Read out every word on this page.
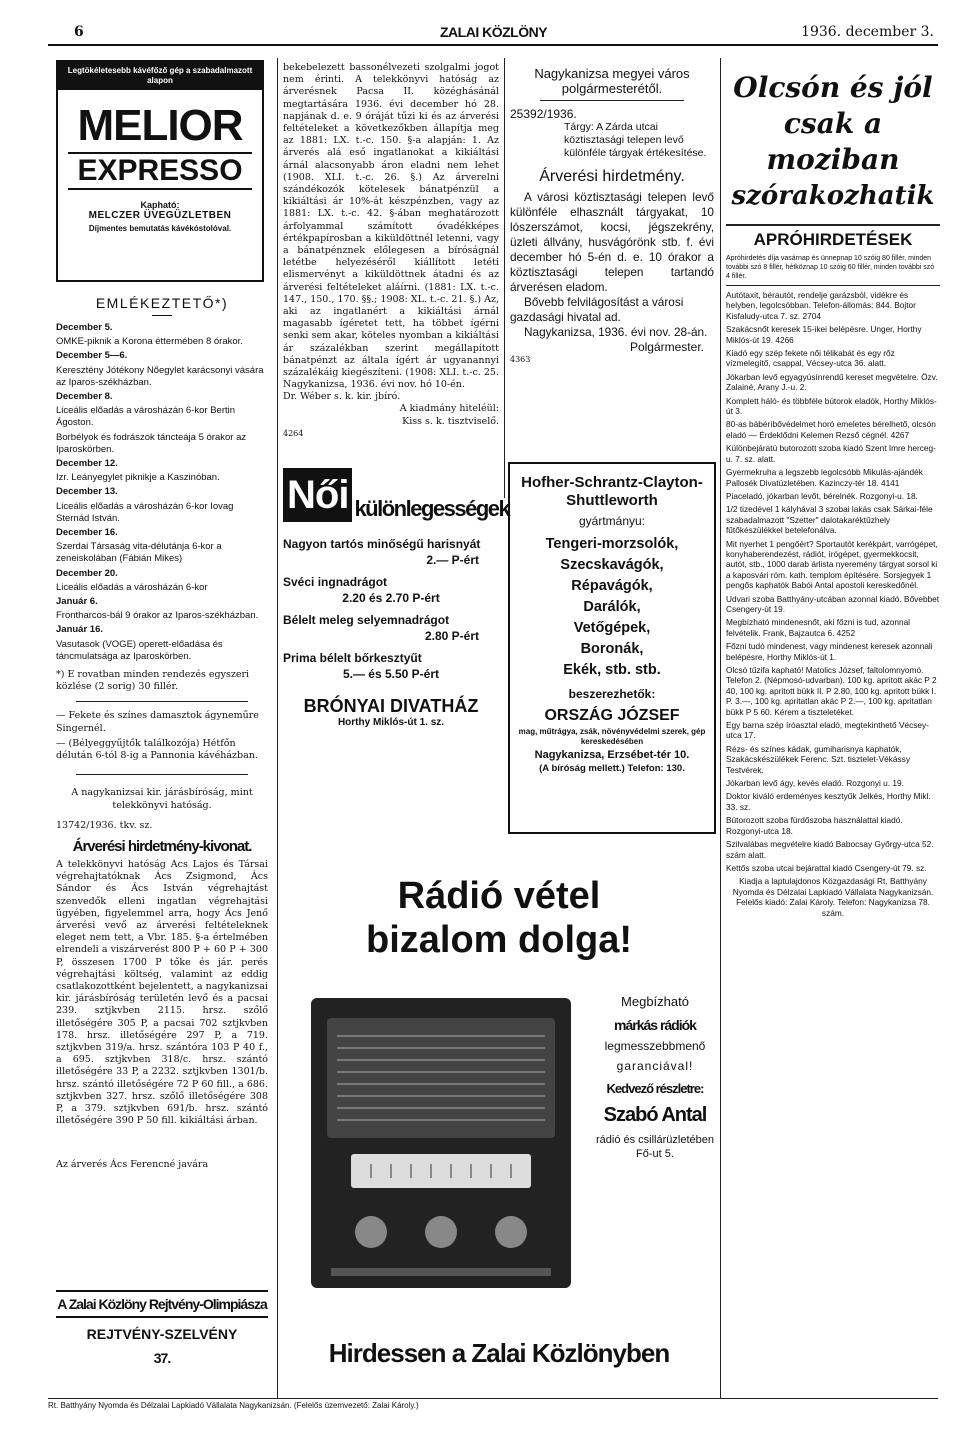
6	ZALAI KÖZLÖNY	1936. december 3.
Legtökéletesebb kávéfőző gép a szabadalmazott alapon
MELIOR
EXPRESSO
Kapható:
MELCZER ÜVEGÜZLETBEN
Díjmentes bemutatás kávékóstolóval.
EMLÉKEZTETŐ*)

December 5.

OMKE-piknik a Korona éttermében 8 órakor.

December 5—6.

Keresztény Jótékony Nőegylet karácsonyi vására az Iparos-székházban.

December 8.

Liceális előadás a városházán 6-kor Bertin Ágoston.

Borbélyok és fodrászok táncteája 5 órakor az Iparoskörben.

December 12.

Izr. Leányegylet piknikje a Kaszinóban.

December 13.

Liceális előadás a városházán 6-kor Iovag Sternád István.

December 16.

Szerdai Társaság vita-délutánja 6-kor a zeneiskolában (Fábián Mikes)

December 20.

Liceális előadás a városházán 6-kor

Január 6.

Frontharcos-bál 9 órakor az Iparos-székházban.

Január 16.

Vasutasok (VOGE) operett-előadása és táncmulatsága az Iparoskörben.

*) E rovatban minden rendezés egyszeri közlése (2 sorig) 30 fillér.

— Fekete és színes damasztok ágyneműre Singernél.

— (Bélyeggyűjtők találkozója) Hétfőn délután 6-tól 8-ig a Pannonia kávéházban.

A nagykanizsai kir. járásbíróság, mint telekkönyvi hatóság.

13742/1936. tkv. sz.

Árverési hirdetmény-kivonat.

A telekkönyvi hatóság Ács Lajos és Társai végrehajtatóknak Ács Zsigmond, Ács Sándor és Ács István végrehajtást szenvedők elleni ingatlan végrehajtási ügyében, figyelemmel arra, hogy Ács Jenő árverési vevő az árverési feltételeknek eleget nem tett, a Vbr. 185. §-a értelmében elrendeli a viszárverést 800 P + 60 P + 300 P, összesen 1700 P tőke és jár. perés végrehajtási költség, valamint az eddig csatlakozottként bejelentett, a nagykanizsai kir. járásbíróság területén levő és a pacsai 239. sztjkvben 2115. hrsz. szőlő illetőségére 305 P, a pacsai 702 sztjkvben 178. hrsz. illetőségére 297 P, a 719. sztjkvben 319/a. hrsz. szántóra 103 P 40 f., a 695. sztjkvben 318/c. hrsz. szántó illetőségére 33 P, a 2232. sztjkvben 1301/b. hrsz. szántó illetőségére 72 P 60 fill., a 686. sztjkvben 327. hrsz. szőlő illetőségére 308 P, a 379. sztjkvben 691/b. hrsz. szántó illetőségére 390 P 50 fill. kikiáltási árban.

Az árverés Ács Ferencné javára

A Zalai Közlöny Rejtvény-Olimpiásza
REJTVÉNY-SZELVÉNY
37.

bekebelezett bassonélvezeti szolgalmi jogot nem érinti. A telekkönyvi hatóság az árverésnek Pacsa II. közéghásánál megtartására 1936. évi december hó 28. napjának d. e. 9 óráját tűzi ki és az árverési feltételeket a következőkben állapítja meg az 1881: LX. t.-c. 150. §-a alapján: 1. Az árverés alá eső ingatlanokat a kikiáltási árnál alacsonyabb áron eladni nem lehet (1908. XLI. t.-c. 26. §.) Az árverelni szándékozók kötelesek bánatpénzül a kikiáltási ár 10%-át készpénzben, vagy az 1881: LX. t.-c. 42. §-ában meghatározott árfolyammal számított óvadékképes értékpapírosban a kiküldöttnél letenni, vagy a bánatpénznek előlegesen a bíróságnál letétbe helyezéséről kiállított letéti elismervényt a kiküldöttnek átadni és az árverési feltételeket aláírni. (1881: LX. t.-c. 147., 150., 170. §§.; 1908: XL. t.-c. 21. §.) Az, aki az ingatlanért a kikiáltási árnál magasabb ígéretet tett, ha többet ígérni senki sem akar, köteles nyomban a kikiáltási ár százalékban szerint megállapított bánatpénzt az általa ígért ár ugyanannyi százalékáig kiegészíteni. (1908: XLI. t.-c. 25.

Nagykanizsa, 1936. évi nov. hó 10-én.

Dr. Wéber s. k. kir. jbíró.

A kiadmány hiteléül:

Kiss s. k. tisztviselő.

4264

Nagykanizsa megyei város polgármesterétől.

25392/1936.

Tárgy: A Zárda utcai köztisztasági telepen levő különféle tárgyak értékesítése.

Árverési hirdetmény.

A városi köztisztasági telepen levő különféle elhasznált tárgyakat, 10 lószerszámot, kocsi, jégszekrény, üzleti állvány, husvágórönk stb. f. évi december hó 5-én d. e. 10 órakor a köztisztasági telepen tartandó árverésen eladom.

Bővebb felvilágosítást a városi gazdasági hivatal ad.

Nagykanizsa, 1936. évi nov. 28-án.

Polgármester.

4363

Női különlegességek

Nagyon tartós minőségű harisnyát

2.— P-ért

Svéci ingnadrágot

2.20 és 2.70 P-ért

Bélelt meleg selyemnadrágot

2.80 P-ért

Prima bélelt bőrkesztyűt

5.— és 5.50 P-ért

BRÓNYAI DIVATHÁZ

Horthy Miklós-út 1. sz.

Hofher-Schrantz-Clayton-Shuttleworth

gyártmányu:

Tengeri-morzsolók,

Szecskavágók,

Répavágók,

Darálók,

Vetőgépek,

Boronák,

Ekék, stb. stb.

beszerezhetők:

ORSZÁG JÓZSEF

mag, műtrágya, zsák, növényvédelmi szerek, gép kereskedésében

Nagykanizsa, Erzsébet-tér 10.

(A bíróság mellett.) Telefon: 130.

Rádió vétel

bizalom dolga!

Megbízható

márkás rádiók

legmesszebbmenő

garanciával!

Kedvező részletre:

Szabó Antal

rádió és csillárüzletében Fő-ut 5.

Hirdessen a Zalai Közlönyben

Olcsón és jól

csak a moziban

szórakozhatik

APRÓHIRDETÉSEK

Apróhirdetés díja vasárnap és ünnepnap 10 szóig 80 fillér, minden további szó 8 fillér, hétköznap 10 szóig 60 fillér, minden további szó 4 fillér.

Autótaxit, bérautót, rendelje garázsból, vidékre és helyben, legolcsóbban. Telefon-állomás: 844. Bojtor Kisfaludy-utca 7. sz. 2704

Szakácsnőt keresek 15-ikei belépésre. Unger, Horthy Miklós-út 19. 4266

Kiadó egy szép fekete női télikabát és egy rőz vízmelegítő, csappal, Vécsey-utca 36. alatt.

Jókarban levő egyagyúsínrendű kereset megvételre. Özv. Zalainé, Arany J.-u. 2.

Komplett háló- és többféle bútorok eladók, Horthy Miklós-út 3.

80-as bábéríbővédelmet horó emeletes bérelhető, olcsón eladó — Érdeklődni Kelemen Rezső cégnél. 4267

Különbejáratú butorozott szoba kiadó Szent Imre herceg-u. 7. sz. alatt.

Gyermekruha a legszebb legolcsóbb Mikulás-ajándék Pallosék Divatüzletében. Kazinczy-tér 18. 4141

Piaceladó, jókarban levőt, bérelnék. Rozgonyi-u. 18.

1/2 tizedével 1 kályhával 3 szobai lakás csak Sárkai-féle szabadalmazott "Szetter" dalotakaréktűzhely fűtőkészülékkel betelefonálva.

Mit nyerhet 1 pengőért? Sportautót kerékpárt, varrógépet, konyhaberendezést, rádiót, írógépet, gyermekkocsit, autót, stb., 1000 darab árlista nyeremény tárgyat sorsol ki a kaposvári róm. kath. templom építésére. Sorsjegyek 1 pengős kaphatók Babói Antal apostoli kereskedőnél.

Udvari szoba Batthyány-utcában azonnal kiadó. Bővebbet Csengery-út 19.

Megbízható mindenesnőt, aki főzni is tud, azonnal felvételik. Frank, Bajzautca 6. 4252

Főzni tudó mindenest, vagy mindenest keresek azonnali belépésre, Horthy Miklós-út 1.

Olcsó tűzifa kapható! Matolics József, faltolomnyomó. Telefon 2. (Népmosó-udvarban). 100 kg. apritott akác P 2 40, 100 kg. apritott bükk II. P 2.80, 100 kg. apritott bükk I. P. 3.—, 100 kg. apritatlan akác P 2.—, 100 kg. apritatlan bükk P 5 60. Kérem a tiszteletéket.

Egy barna szép íróasztal eladó, megtekinthető Vécsey-utca 17.

Rézs- és színes kádak, gumiharisnya kaphatók, Szakácskészülékek Ferenc. Szt. tisztelet-Vékássy Testvérek.

Jókarban levő ágy, kevés eladó. Rozgonyi u. 19.

Doktor kiváló erdeményes kesztyűk Jelkés, Horthy Mikl. 33. sz.

Bútorozott szoba fürdőszoba használattal kiadó. Rozgonyi-utca 18.

Szilvalábas megvételre kiadó Babocsay Győrgy-utca 52. szám alatt.

Kettős szoba utcai bejárattal kiadó Csengery-út 79. sz.

Kiadja a laptulajdonos Közgazdasági Rt. Batthyány Nyomda és Délzalai Lapkiadó Vállalata Nagykanizsán. Felelős kiadó: Zalai Károly. Telefon: Nagykanizsa 78. szám.

Rt. Batthyány Nyomda és Délzalai Lapkiadó Vállalata Nagykanizsán. (Felelős üzemvezető: Zalai Károly.)
